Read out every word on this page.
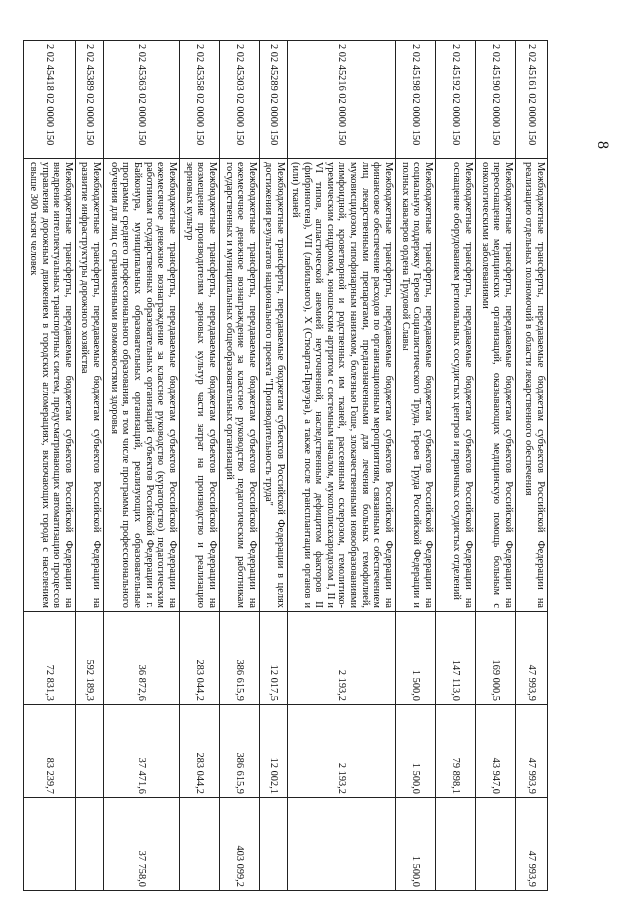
8
2 02 45161 02 0000 150	Межбюджетные трансферты, передаваемые бюджетам субъектов Российской Федерации на реализацию отдельных полномочий в области лекарственного обеспечения	47 993,9	47 993,9	47 993,9
2 02 45190 02 0000 150	Межбюджетные трансферты, передаваемые бюджетам субъектов Российской Федерации на переоснащение медицинских организаций, оказывающих медицинскую помощь больным с онкологическими заболеваниями	169 000,5	43 947,0	
2 02 45192 02 0000 150	Межбюджетные трансферты, передаваемые бюджетам субъектов Российской Федерации на оснащение оборудованием региональных сосудистых центров и первичных сосудистых отделений	147 113,0	79 898,1	
2 02 45198 02 0000 150	Межбюджетные трансферты, передаваемые бюджетам субъектов Российской Федерации на социальную поддержку Героев Социалистического Труда, Героев Труда Российской Федерации и полных кавалеров ордена Трудовой Славы	1 500,0	1 500,0	1 500,0
2 02 45216 02 0000 150	Межбюджетные трансферты, передаваемые бюджетам субъектов Российской Федерации на финансовое обеспечение расходов по организационным мероприятиям, связанным с обеспечением лиц лекарственными препаратами, предназначенными для лечения больных гемофилией, муковисцидозом, гипофизарным нанизмом, болезнью Гоше, злокачественными новообразованиями лимфоидной, кроветворной и родственных им тканей, рассеянным склерозом, гемолитико-уремическим синдромом, юношеским артритом с системным началом, мукополисахаридозом I, II и VI типов, апластической анемией неуточненной, наследственным дефицитом факторов II (фибриногена), VII (лабильного), X (Стюарта-Прауэра), а также после трансплантации органов и (или) тканей	2 193,2	2 193,2	
2 02 45289 02 0000 150	Межбюджетные трансферты, передаваемые бюджетам субъектов Российской Федерации в целях достижения результатов национального проекта "Производительность труда"	12 017,5	12 002,1	
2 02 45303 02 0000 150	Межбюджетные трансферты, передаваемые бюджетам субъектов Российской Федерации на ежемесячное денежное вознаграждение за классное руководство педагогическим работникам государственных и муниципальных общеобразовательных организаций	386 615,9	386 615,9	403 099,2
2 02 45358 02 0000 150	Межбюджетные трансферты, передаваемые бюджетам субъектов Российской Федерации на возмещение производителям зерновых культур части затрат на производство и реализацию зерновых культур	283 044,2	283 044,2	
2 02 45363 02 0000 150	Межбюджетные трансферты, передаваемые бюджетам субъектов Российской Федерации на ежемесячное денежное вознаграждение за классное руководство (кураторство) педагогическим работникам государственных образовательных организаций субъектов Российской Федерации и г. Байконура, муниципальных образовательных организаций, реализующих образовательные программы среднего профессионального образования, в том числе программы профессионального обучения для лиц с ограниченными возможностями здоровья	36 872,6	37 471,6	37 758,0
2 02 45389 02 0000 150	Межбюджетные трансферты, передаваемые бюджетам субъектов Российской Федерации на развитие инфраструктуры дорожного хозяйства	592 189,3		
2 02 45418 02 0000 150	Межбюджетные трансферты, передаваемые бюджетам субъектов Российской Федерации на внедрение интеллектуальных транспортных систем, предусматривающих автоматизацию процессов управления дорожным движением в городских агломерациях, включающих города с населением свыше 300 тысяч человек	72 831,3	83 239,7	
